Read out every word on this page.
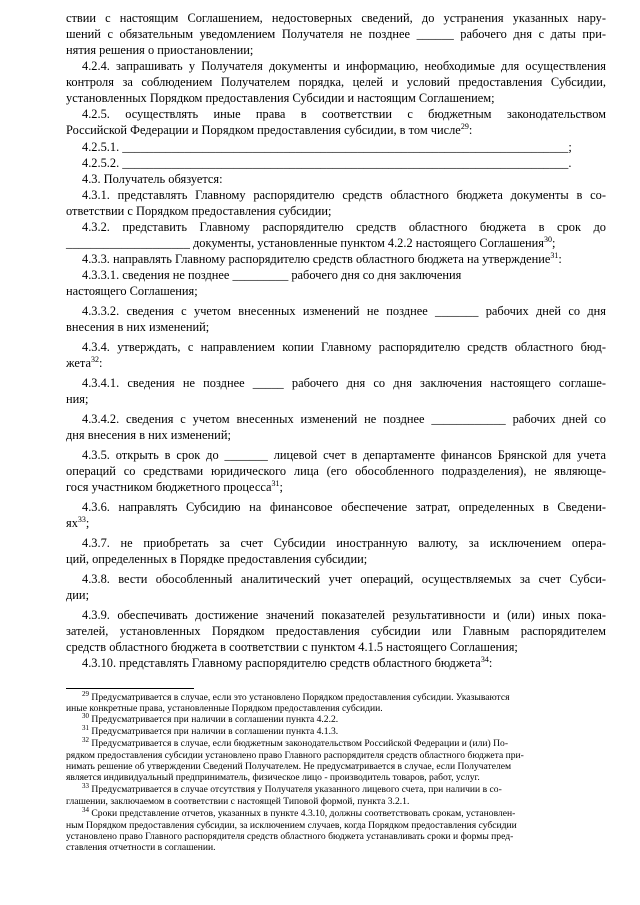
ствии с настоящим Соглашением, недостоверных сведений, до устранения указанных нару-
шений с обязательным уведомлением Получателя не позднее ______ рабочего дня с даты при-
нятия решения о приостановлении;
4.2.4. запрашивать у Получателя документы и информацию, необходимые для осуществления
контроля за соблюдением Получателем порядка, целей и условий предоставления Субсидии,
установленных Порядком предоставления Субсидии и настоящим Соглашением;
4.2.5. осуществлять иные права в соответствии с бюджетным законодательством
Российской Федерации и Порядком предоставления субсидии, в том числе$^{29}$:
4.2.5.1. ________________________________________________________________________;
4.2.5.2. ________________________________________________________________________.
4.3. Получатель обязуется:
4.3.1. представлять Главному распорядителю средств областного бюджета документы в со-
ответствии с Порядком предоставления субсидии;
4.3.2. представить Главному распорядителю средств областного бюджета в срок до
____________________ документы, установленные пунктом 4.2.2 настоящего Соглашения$^{30}$;
4.3.3. направлять Главному распорядителю средств областного бюджета на утверждение$^{31}$:
4.3.3.1. сведения не позднее _________ рабочего дня со дня заключения
настоящего Соглашения;
4.3.3.2. сведения с учетом внесенных изменений не позднее _______ рабочих дней со дня
внесения в них изменений;
4.3.4. утверждать, с направлением копии Главному распорядителю средств областного бюд-
жета$^{32}$:
4.3.4.1. сведения не позднее _____ рабочего дня со дня заключения настоящего соглаше-
ния;
4.3.4.2. сведения с учетом внесенных изменений не позднее ____________ рабочих дней со
дня внесения в них изменений;
4.3.5. открыть в срок до _______ лицевой счет в департаменте финансов Брянской для учета
операций со средствами юридического лица (его обособленного подразделения), не являюще-
гося участником бюджетного процесса$^{31}$;
4.3.6. направлять Субсидию на финансовое обеспечение затрат, определенных в Сведени-
$ях^{33}$;
4.3.7. не приобретать за счет Субсидии иностранную валюту, за исключением опера-
ций, определенных в Порядке предоставления субсидии;
4.3.8. вести обособленный аналитический учет операций, осуществляемых за счет Субси-
дии;
4.3.9. обеспечивать достижение значений показателей результативности и (или) иных пока-
зателей, установленных Порядком предоставления субсидии или Главным распорядителем
средств областного бюджета в соответствии с пунктом 4.1.5 настоящего Соглашения;
4.3.10. представлять Главному распорядителю средств областного бюджета$^{34}$:
$^{29}$ Предусматривается в случае, если это установлено Порядком предоставления субсидии. Указываются
иные конкретные права, установленные Порядком предоставления субсидии.
$^{30}$ Предусматривается при наличии в соглашении пункта 4.2.2.
$^{31}$ Предусматривается при наличии в соглашении пункта 4.1.3.
$^{32}$ Предусматривается в случае, если бюджетным законодательством Российской Федерации и (или) По-
рядком предоставления субсидии установлено право Главного распорядителя средств областного бюджета при-
нимать решение об утверждении Сведений Получателем. Не предусматривается в случае, если Получателем
является индивидуальный предприниматель, физическое лицо - производитель товаров, работ, услуг.
$^{33}$ Предусматривается в случае отсутствия у Получателя указанного лицевого счета, при наличии в со-
глашении, заключаемом в соответствии с настоящей Типовой формой, пункта 3.2.1.
$^{34}$ Сроки представление отчетов, указанных в пункте 4.3.10, должны соответствовать срокам, установлен-
ным Порядком предоставления субсидии, за исключением случаев, когда Порядком предоставления субсидии
установлено право Главного распорядителя средств областного бюджета устанавливать сроки и формы пред-
ставления отчетности в соглашении.
